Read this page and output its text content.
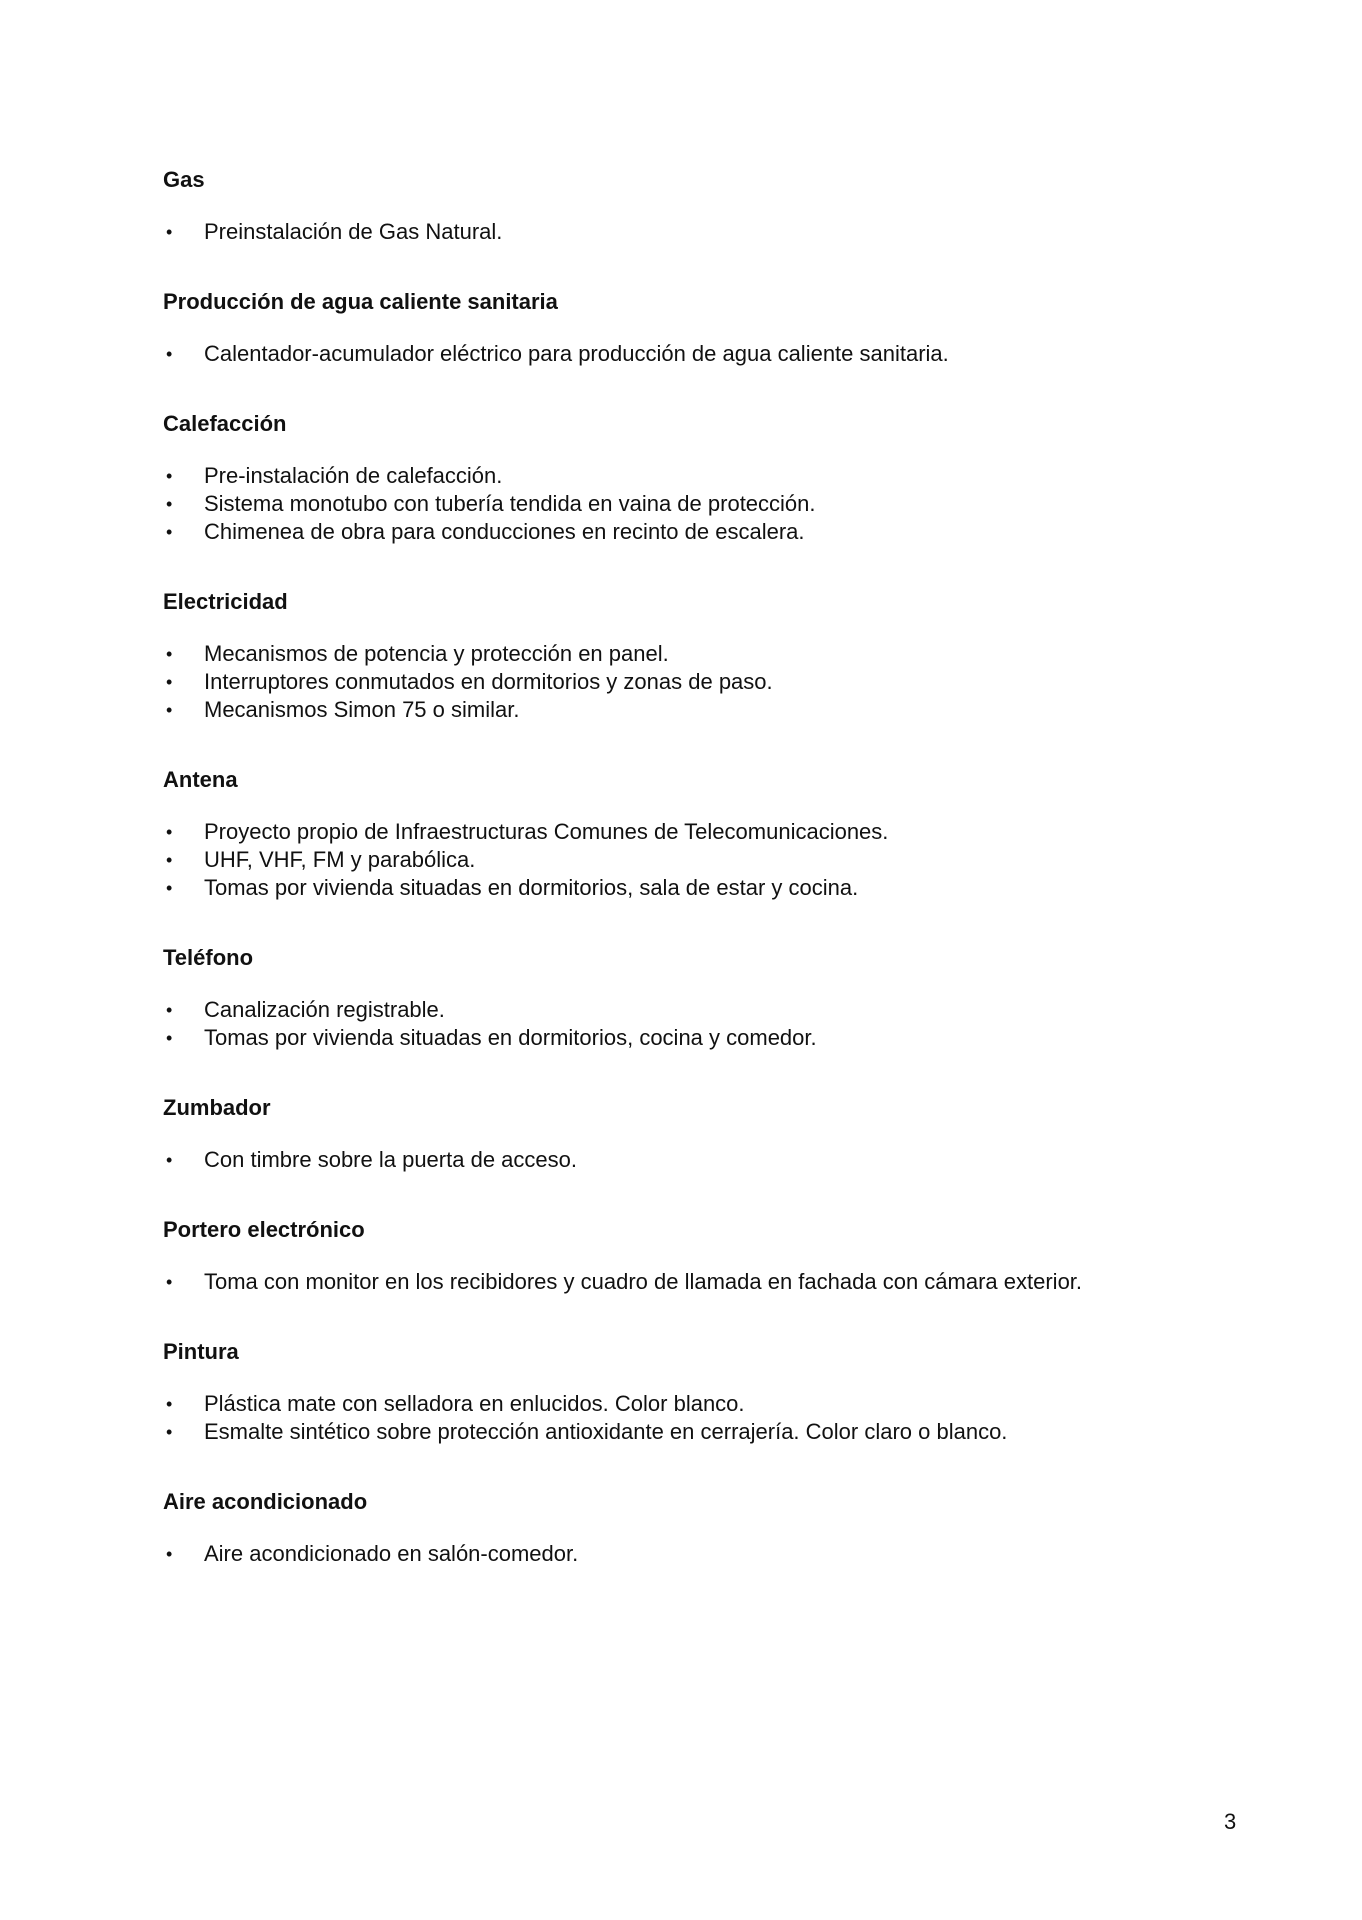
Gas
• Preinstalación de Gas Natural.
Producción de agua caliente sanitaria
• Calentador-acumulador eléctrico para producción de agua caliente sanitaria.
Calefacción
• Pre-instalación de calefacción.
• Sistema monotubo con tubería tendida en vaina de protección.
• Chimenea de obra para conducciones en recinto de escalera.
Electricidad
• Mecanismos de potencia y protección en panel.
• Interruptores conmutados en dormitorios y zonas de paso.
• Mecanismos Simon 75 o similar.
Antena
• Proyecto propio de Infraestructuras Comunes de Telecomunicaciones.
• UHF, VHF, FM y parabólica.
• Tomas por vivienda situadas en dormitorios, sala de estar y cocina.
Teléfono
• Canalización registrable.
• Tomas por vivienda situadas en dormitorios, cocina y comedor.
Zumbador
• Con timbre sobre la puerta de acceso.
Portero electrónico
• Toma con monitor en los recibidores y cuadro de llamada en fachada con cámara exterior.
Pintura
• Plástica mate con selladora en enlucidos. Color blanco.
• Esmalte sintético sobre protección antioxidante en cerrajería. Color claro o blanco.
Aire acondicionado
• Aire acondicionado en salón-comedor.
3
